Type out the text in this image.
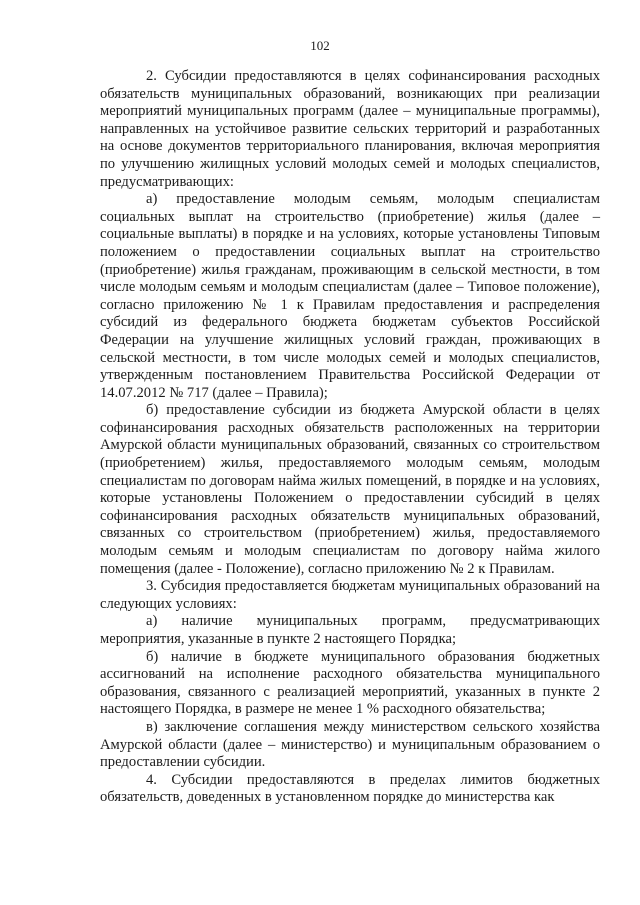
102

2. Субсидии предоставляются в целях софинансирования расходных обязательств муниципальных образований, возникающих при реализации мероприятий муниципальных программ (далее – муниципальные программы), направленных на устойчивое развитие сельских территорий и разработанных на основе документов территориального планирования, включая мероприятия по улучшению жилищных условий молодых семей и молодых специалистов, предусматривающих:

а) предоставление молодым семьям, молодым специалистам социальных выплат на строительство (приобретение) жилья (далее – социальные выплаты) в порядке и на условиях, которые установлены Типовым положением о предоставлении социальных выплат на строительство (приобретение) жилья гражданам, проживающим в сельской местности, в том числе молодым семьям и молодым специалистам (далее – Типовое положение), согласно приложению № 1 к Правилам предоставления и распределения субсидий из федерального бюджета бюджетам субъектов Российской Федерации на улучшение жилищных условий граждан, проживающих в сельской местности, в том числе молодых семей и молодых специалистов, утвержденным постановлением Правительства Российской Федерации от 14.07.2012 № 717 (далее – Правила);

б) предоставление субсидии из бюджета Амурской области в целях софинансирования расходных обязательств расположенных на территории Амурской области муниципальных образований, связанных со строительством (приобретением) жилья, предоставляемого молодым семьям, молодым специалистам по договорам найма жилых помещений, в порядке и на условиях, которые установлены Положением о предоставлении субсидий в целях софинансирования расходных обязательств муниципальных образований, связанных со строительством (приобретением) жилья, предоставляемого молодым семьям и молодым специалистам по договору найма жилого помещения (далее - Положение), согласно приложению № 2 к Правилам.

3. Субсидия предоставляется бюджетам муниципальных образований на следующих условиях:

а) наличие муниципальных программ, предусматривающих мероприятия, указанные в пункте 2 настоящего Порядка;

б) наличие в бюджете муниципального образования бюджетных ассигнований на исполнение расходного обязательства муниципального образования, связанного с реализацией мероприятий, указанных в пункте 2 настоящего Порядка, в размере не менее 1 % расходного обязательства;

в) заключение соглашения между министерством сельского хозяйства Амурской области (далее – министерство) и муниципальным образованием о предоставлении субсидии.

4. Субсидии предоставляются в пределах лимитов бюджетных обязательств, доведенных в установленном порядке до министерства как
